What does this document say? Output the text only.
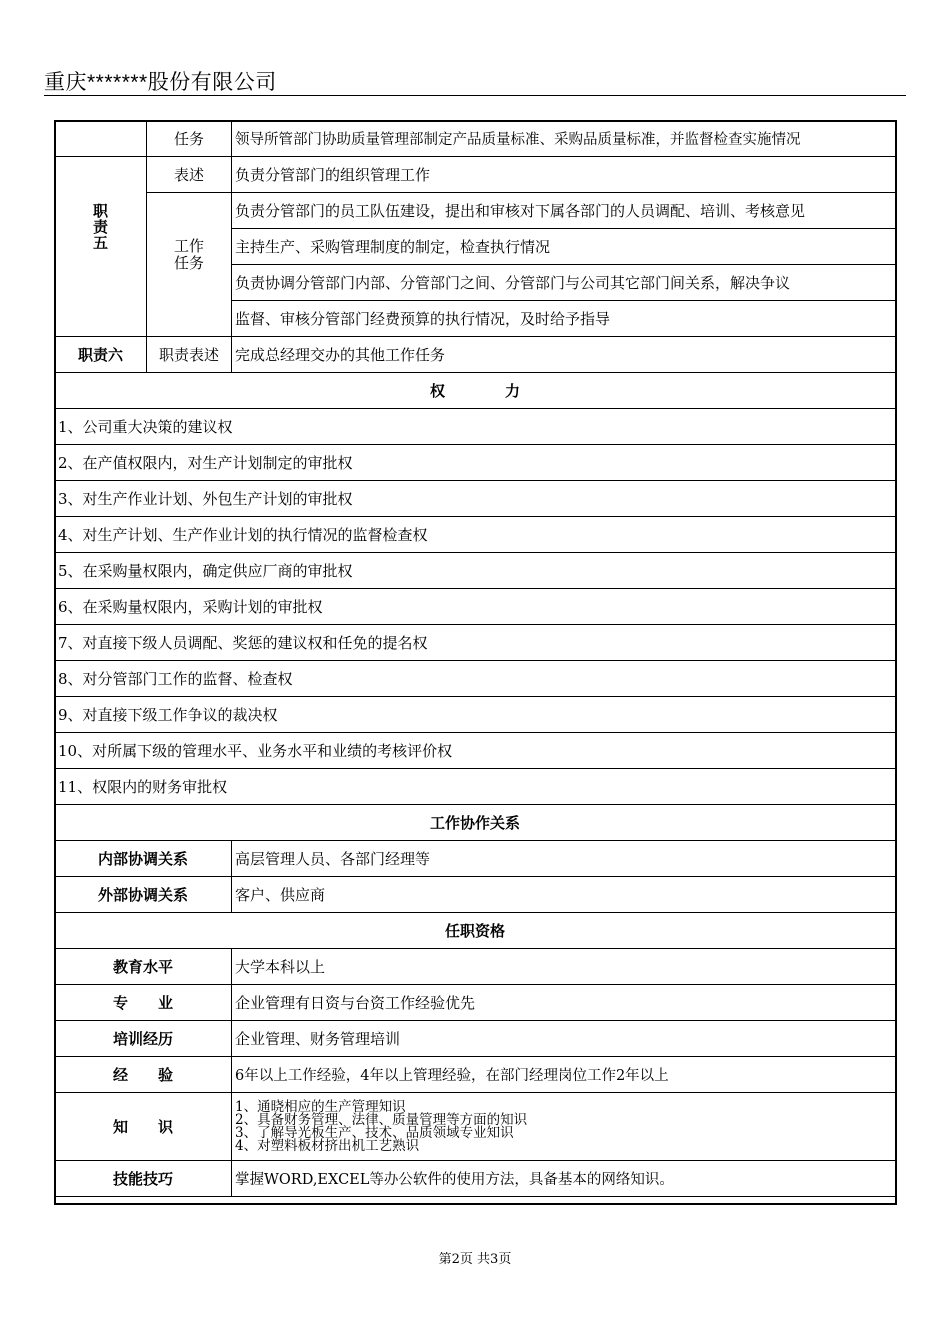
重庆*******股份有限公司
	任务	领导所管部门协助质量管理部制定产品质量标准、采购品质量标准，并监督检查实施情况

职
责
五	表述	负责分管部门的组织管理工作

	工作
任务	负责分管部门的员工队伍建设，提出和审核对下属各部门的人员调配、培训、考核意见
		主持生产、采购管理制度的制定，检查执行情况
		负责协调分管部门内部、分管部门之间、分管部门与公司其它部门间关系，解决争议
		监督、审核分管部门经费预算的执行情况，及时给予指导
职责六	职责表述	完成总经理交办的其他工作任务
权　　　　力		
1、公司重大决策的建议权		
2、在产值权限内，对生产计划制定的审批权		
3、对生产作业计划、外包生产计划的审批权		
4、对生产计划、生产作业计划的执行情况的监督检查权		
5、在采购量权限内，确定供应厂商的审批权		
6、在采购量权限内，采购计划的审批权		
7、对直接下级人员调配、奖惩的建议权和任免的提名权		
8、对分管部门工作的监督、检查权		
9、对直接下级工作争议的裁决权		
10、对所属下级的管理水平、业务水平和业绩的考核评价权		
11、权限内的财务审批权		
工作协作关系		
内部协调关系		高层管理人员、各部门经理等
外部协调关系		客户、供应商
任职资格		
教育水平		大学本科以上
专　　业		企业管理有日资与台资工作经验优先
培训经历		企业管理、财务管理培训
经　　验		6年以上工作经验，4年以上管理经验，在部门经理岗位工作2年以上
知　　识		1、通晓相应的生产管理知识
2、具备财务管理、法律、质量管理等方面的知识
3、了解导光板生产、技术、品质领域专业知识
4、对塑料板材挤出机工艺熟识

技能技巧		掌握WORD,EXCEL等办公软件的使用方法，具备基本的网络知识。
第2页 共3页
